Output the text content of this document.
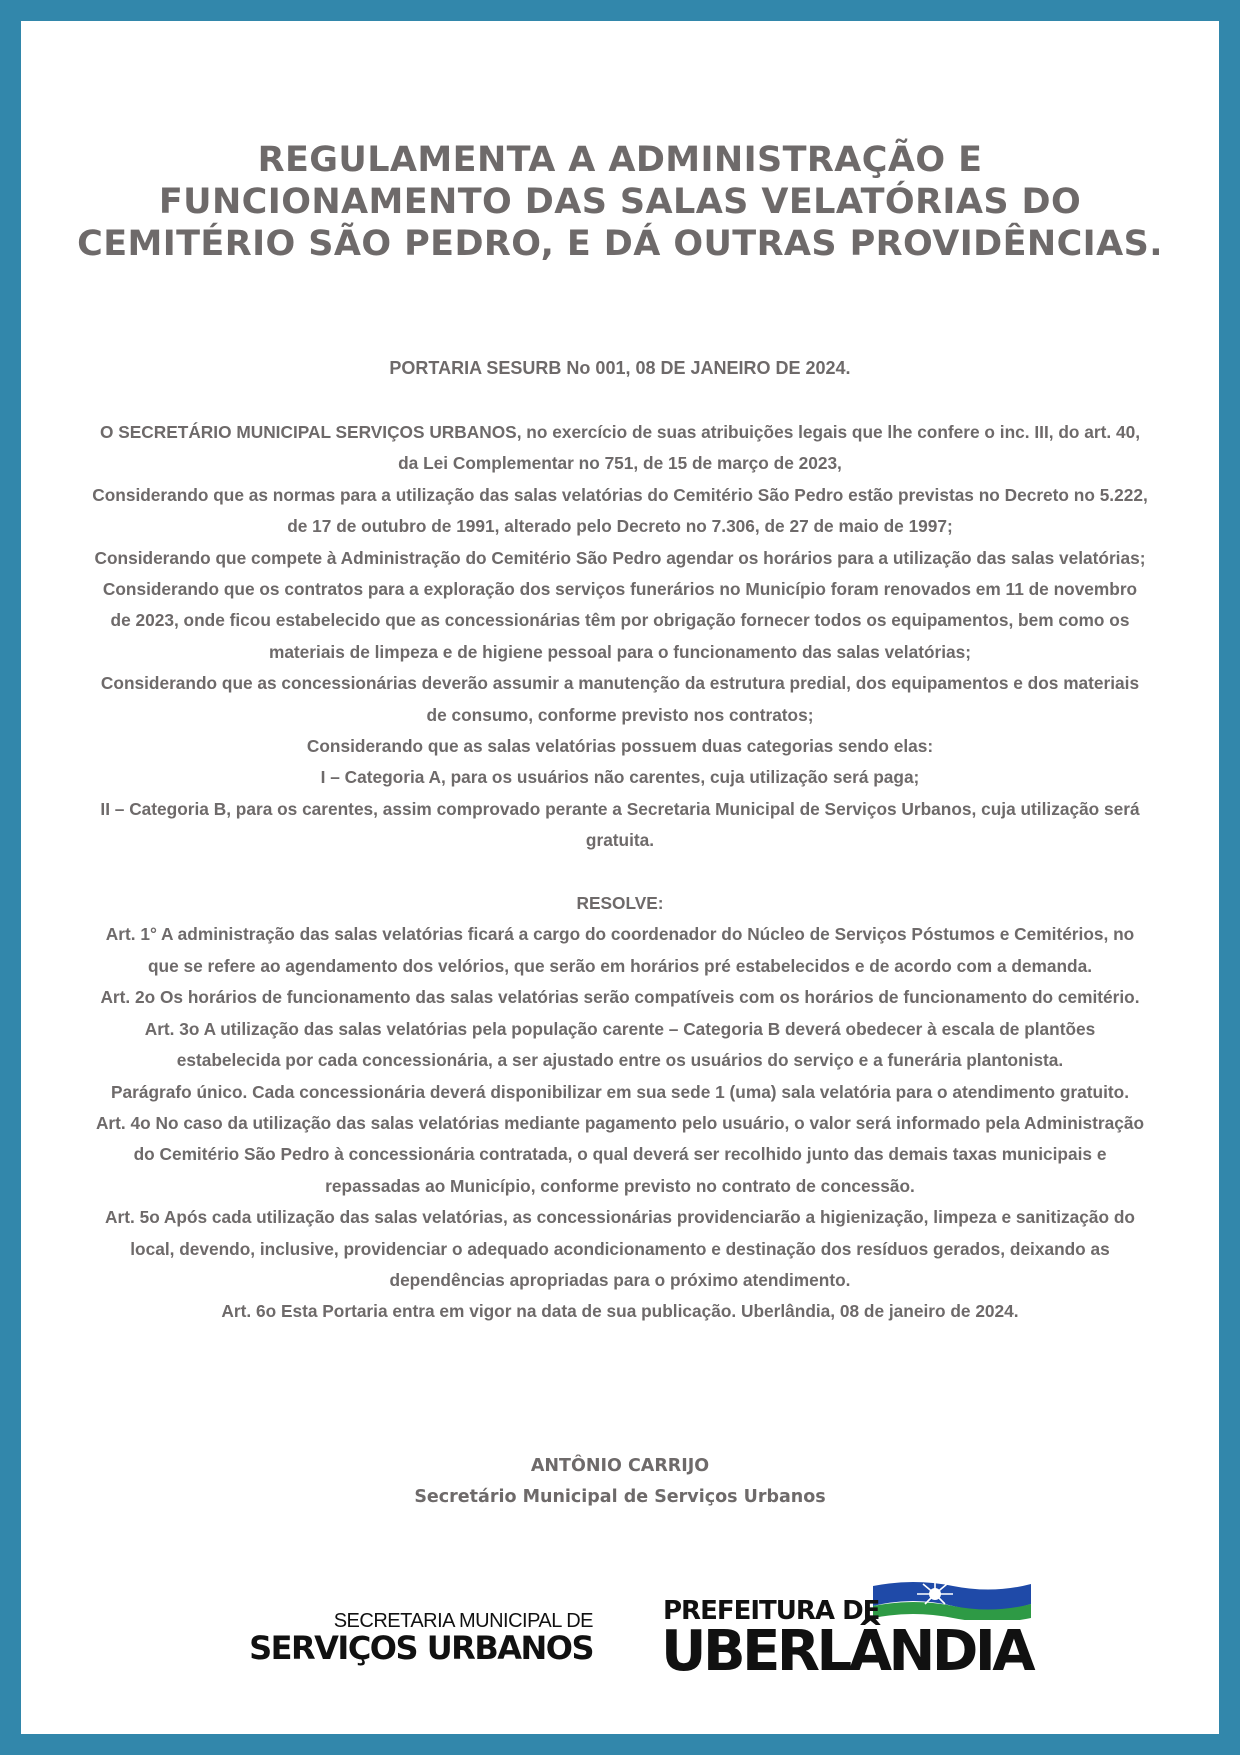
REGULAMENTA A ADMINISTRAÇÃO E FUNCIONAMENTO DAS SALAS VELATÓRIAS DO CEMITÉRIO SÃO PEDRO, E DÁ OUTRAS PROVIDÊNCIAS.
PORTARIA SESURB No 001, 08 DE JANEIRO DE 2024.

O SECRETÁRIO MUNICIPAL SERVIÇOS URBANOS, no exercício de suas atribuições legais que lhe confere o inc. III, do art. 40, da Lei Complementar no 751, de 15 de março de 2023,

Considerando que as normas para a utilização das salas velatórias do Cemitério São Pedro estão previstas no Decreto no 5.222, de 17 de outubro de 1991, alterado pelo Decreto no 7.306, de 27 de maio de 1997;

Considerando que compete à Administração do Cemitério São Pedro agendar os horários para a utilização das salas velatórias;

Considerando que os contratos para a exploração dos serviços funerários no Município foram renovados em 11 de novembro de 2023, onde ficou estabelecido que as concessionárias têm por obrigação fornecer todos os equipamentos, bem como os materiais de limpeza e de higiene pessoal para o funcionamento das salas velatórias;

Considerando que as concessionárias deverão assumir a manutenção da estrutura predial, dos equipamentos e dos materiais de consumo, conforme previsto nos contratos;

Considerando que as salas velatórias possuem duas categorias sendo elas:

I – Categoria A, para os usuários não carentes, cuja utilização será paga;

II – Categoria B, para os carentes, assim comprovado perante a Secretaria Municipal de Serviços Urbanos, cuja utilização será gratuita.

RESOLVE:

Art. 1° A administração das salas velatórias ficará a cargo do coordenador do Núcleo de Serviços Póstumos e Cemitérios, no que se refere ao agendamento dos velórios, que serão em horários pré estabelecidos e de acordo com a demanda.

Art. 2o Os horários de funcionamento das salas velatórias serão compatíveis com os horários de funcionamento do cemitério.

Art. 3o A utilização das salas velatórias pela população carente – Categoria B deverá obedecer à escala de plantões estabelecida por cada concessionária, a ser ajustado entre os usuários do serviço e a funerária plantonista.

Parágrafo único. Cada concessionária deverá disponibilizar em sua sede 1 (uma) sala velatória para o atendimento gratuito.

Art. 4o No caso da utilização das salas velatórias mediante pagamento pelo usuário, o valor será informado pela Administração do Cemitério São Pedro à concessionária contratada, o qual deverá ser recolhido junto das demais taxas municipais e repassadas ao Município, conforme previsto no contrato de concessão.

Art. 5o Após cada utilização das salas velatórias, as concessionárias providenciarão a higienização, limpeza e sanitização do local, devendo, inclusive, providenciar o adequado acondicionamento e destinação dos resíduos gerados, deixando as dependências apropriadas para o próximo atendimento.

Art. 6o Esta Portaria entra em vigor na data de sua publicação. Uberlândia, 08 de janeiro de 2024.

ANTÔNIO CARRIJO
Secretário Municipal de Serviços Urbanos
SECRETARIA MUNICIPAL DE
SERVIÇOS URBANOS
PREFEITURA DE
UBERLÂNDIA
